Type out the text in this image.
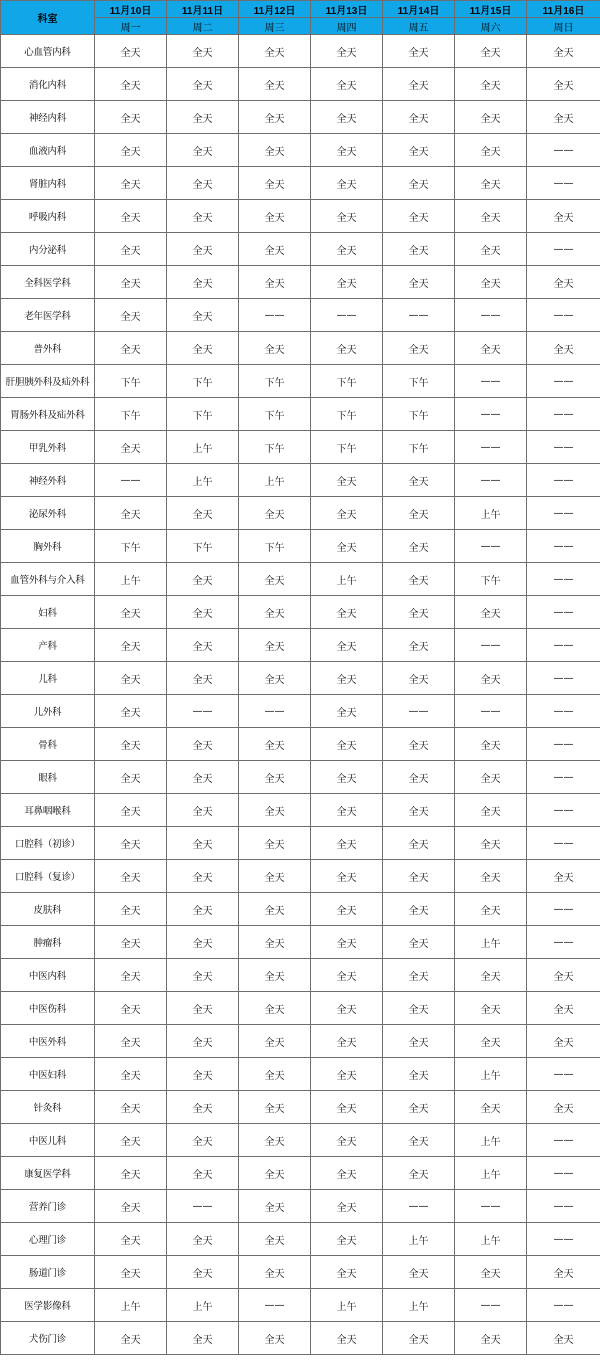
科室	11月10日	11月11日	11月12日	11月13日	11月14日	11月15日	11月16日
	周一	周二	周三	周四	周五	周六	周日
心血管内科	全天	全天	全天	全天	全天	全天	全天
消化内科	全天	全天	全天	全天	全天	全天	全天
神经内科	全天	全天	全天	全天	全天	全天	全天
血液内科	全天	全天	全天	全天	全天	全天	——
肾脏内科	全天	全天	全天	全天	全天	全天	——
呼吸内科	全天	全天	全天	全天	全天	全天	全天
内分泌科	全天	全天	全天	全天	全天	全天	——
全科医学科	全天	全天	全天	全天	全天	全天	全天
老年医学科	全天	全天	——	——	——	——	——
普外科	全天	全天	全天	全天	全天	全天	全天
肝胆胰外科及疝外科	下午	下午	下午	下午	下午	——	——
胃肠外科及疝外科	下午	下午	下午	下午	下午	——	——
甲乳外科	全天	上午	下午	下午	下午	——	——
神经外科	——	上午	上午	全天	全天	——	——
泌尿外科	全天	全天	全天	全天	全天	上午	——
胸外科	下午	下午	下午	全天	全天	——	——
血管外科与介入科	上午	全天	全天	上午	全天	下午	——
妇科	全天	全天	全天	全天	全天	全天	——
产科	全天	全天	全天	全天	全天	——	——
儿科	全天	全天	全天	全天	全天	全天	——
儿外科	全天	——	——	全天	——	——	——
骨科	全天	全天	全天	全天	全天	全天	——
眼科	全天	全天	全天	全天	全天	全天	——
耳鼻咽喉科	全天	全天	全天	全天	全天	全天	——
口腔科（初诊）	全天	全天	全天	全天	全天	全天	——
口腔科（复诊）	全天	全天	全天	全天	全天	全天	全天
皮肤科	全天	全天	全天	全天	全天	全天	——
肿瘤科	全天	全天	全天	全天	全天	上午	——
中医内科	全天	全天	全天	全天	全天	全天	全天
中医伤科	全天	全天	全天	全天	全天	全天	全天
中医外科	全天	全天	全天	全天	全天	全天	全天
中医妇科	全天	全天	全天	全天	全天	上午	——
针灸科	全天	全天	全天	全天	全天	全天	全天
中医儿科	全天	全天	全天	全天	全天	上午	——
康复医学科	全天	全天	全天	全天	全天	上午	——
营养门诊	全天	——	全天	全天	——	——	——
心理门诊	全天	全天	全天	全天	上午	上午	——
肠道门诊	全天	全天	全天	全天	全天	全天	全天
医学影像科	上午	上午	——	上午	上午	——	——
犬伤门诊	全天	全天	全天	全天	全天	全天	全天
